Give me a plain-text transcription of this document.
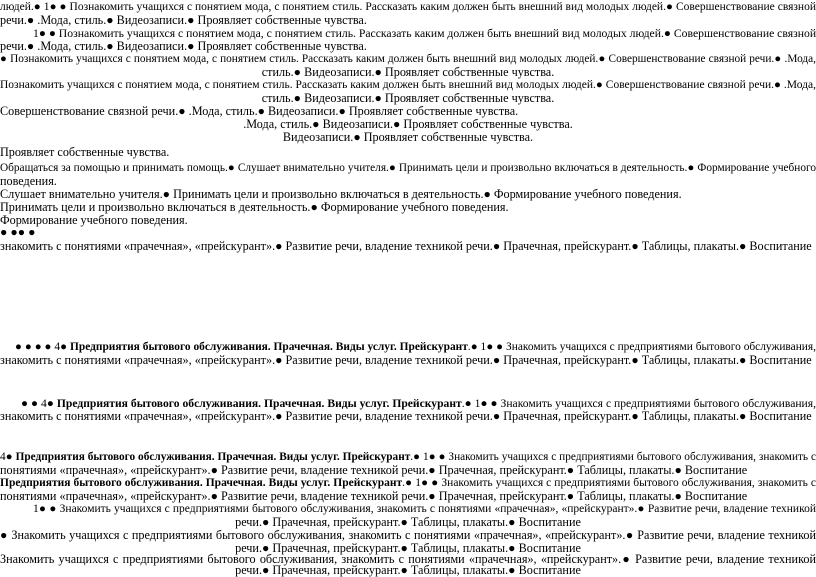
людей.● 1● ● Познакомить учащихся с понятием мода, с понятием стиль. Рассказать каким должен быть внешний вид молодых людей.● Совершенствование связной
речи.● .Мода, стиль.● Видеозаписи.● Проявляет собственные чувства.
1● ● Познакомить учащихся с понятием мода, с понятием стиль. Рассказать каким должен быть внешний вид молодых людей.● Совершенствование связной
речи.● .Мода, стиль.● Видеозаписи.● Проявляет собственные чувства.
● Познакомить учащихся с понятием мода, с понятием стиль. Рассказать каким должен быть внешний вид молодых людей.● Совершенствование связной речи.● .Мода,
стиль.● Видеозаписи.● Проявляет собственные чувства.
Познакомить учащихся с понятием мода, с понятием стиль. Рассказать каким должен быть внешний вид молодых людей.● Совершенствование связной речи.● .Мода,
стиль.● Видеозаписи.● Проявляет собственные чувства.
Совершенствование связной речи.● .Мода, стиль.● Видеозаписи.● Проявляет собственные чувства.
.Мода, стиль.● Видеозаписи.● Проявляет собственные чувства.
Видеозаписи.● Проявляет собственные чувства.
Проявляет собственные чувства.
Обращаться за помощью и принимать помощь.● Слушает внимательно учителя.● Принимать цели и произвольно включаться в деятельность.● Формирование учебного
поведения.
Слушает внимательно учителя.● Принимать цели и произвольно включаться в деятельность.● Формирование учебного поведения.
Принимать цели и произвольно включаться в деятельность.● Формирование учебного поведения.
Формирование учебного поведения.
● ●● ●
знакомить с понятиями «прачечная», «прейскурант».● Развитие речи, владение техникой речи.● Прачечная, прейскурант.● Таблицы, плакаты.● Воспитание
● ● ● ● 4● Предприятия бытового обслуживания. Прачечная. Виды услуг. Прейскурант.● 1● ● Знакомить учащихся с предприятиями бытового обслуживания,
знакомить с понятиями «прачечная», «прейскурант».● Развитие речи, владение техникой речи.● Прачечная, прейскурант.● Таблицы, плакаты.● Воспитание
● ● 4● Предприятия бытового обслуживания. Прачечная. Виды услуг. Прейскурант.● 1● ● Знакомить учащихся с предприятиями бытового обслуживания,
знакомить с понятиями «прачечная», «прейскурант».● Развитие речи, владение техникой речи.● Прачечная, прейскурант.● Таблицы, плакаты.● Воспитание
4● Предприятия бытового обслуживания. Прачечная. Виды услуг. Прейскурант.● 1● ● Знакомить учащихся с предприятиями бытового обслуживания, знакомить с
понятиями «прачечная», «прейскурант».● Развитие речи, владение техникой речи.● Прачечная, прейскурант.● Таблицы, плакаты.● Воспитание
Предприятия бытового обслуживания. Прачечная. Виды услуг. Прейскурант.● 1● ● Знакомить учащихся с предприятиями бытового обслуживания, знакомить с
понятиями «прачечная», «прейскурант».● Развитие речи, владение техникой речи.● Прачечная, прейскурант.● Таблицы, плакаты.● Воспитание
1● ● Знакомить учащихся с предприятиями бытового обслуживания, знакомить с понятиями «прачечная», «прейскурант».● Развитие речи, владение техникой
речи.● Прачечная, прейскурант.● Таблицы, плакаты.● Воспитание
● Знакомить учащихся с предприятиями бытового обслуживания, знакомить с понятиями «прачечная», «прейскурант».● Развитие речи, владение техникой
речи.● Прачечная, прейскурант.● Таблицы, плакаты.● Воспитание
Знакомить учащихся с предприятиями бытового обслуживания, знакомить с понятиями «прачечная», «прейскурант».● Развитие речи, владение техникой
речи.● Прачечная, прейскурант.● Таблицы, плакаты.● Воспитание
